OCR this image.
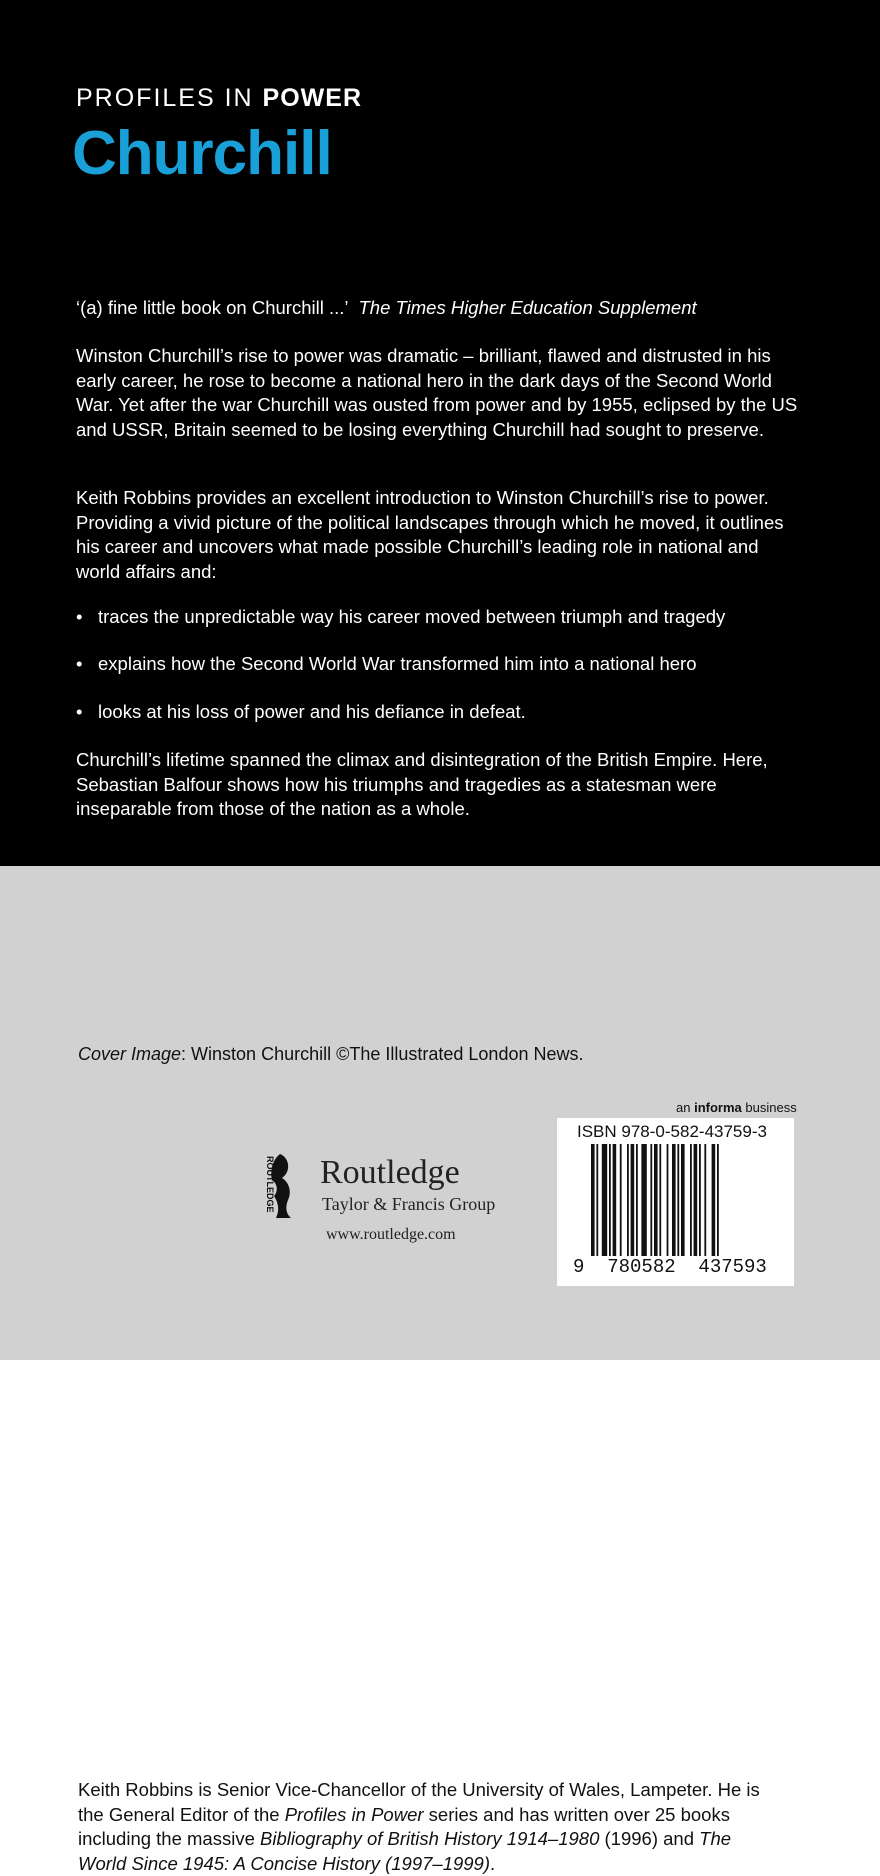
PROFILES IN POWER
Churchill
‘(a) fine little book on Churchill ...’ The Times Higher Education Supplement
Winston Churchill’s rise to power was dramatic – brilliant, flawed and distrusted in his early career, he rose to become a national hero in the dark days of the Second World War. Yet after the war Churchill was ousted from power and by 1955, eclipsed by the US and USSR, Britain seemed to be losing everything Churchill had sought to preserve.
Keith Robbins provides an excellent introduction to Winston Churchill’s rise to power. Providing a vivid picture of the political landscapes through which he moved, it outlines his career and uncovers what made possible Churchill’s leading role in national and world affairs and:
• traces the unpredictable way his career moved between triumph and tragedy
• explains how the Second World War transformed him into a national hero
• looks at his loss of power and his defiance in defeat.
Churchill’s lifetime spanned the climax and disintegration of the British Empire. Here, Sebastian Balfour shows how his triumphs and tragedies as a statesman were inseparable from those of the nation as a whole.
Keith Robbins is Senior Vice-Chancellor of the University of Wales, Lampeter. He is the General Editor of the Profiles in Power series and has written over 25 books including the massive Bibliography of British History 1914–1980 (1996) and The World Since 1945: A Concise History (1997–1999).
Cover Image: Winston Churchill ©The Illustrated London News.
an informa business
ISBN 978-0-582-43759-3
9  780582  437593
ROUTLEDGE Routledge
Taylor & Francis Group
www.routledge.com
